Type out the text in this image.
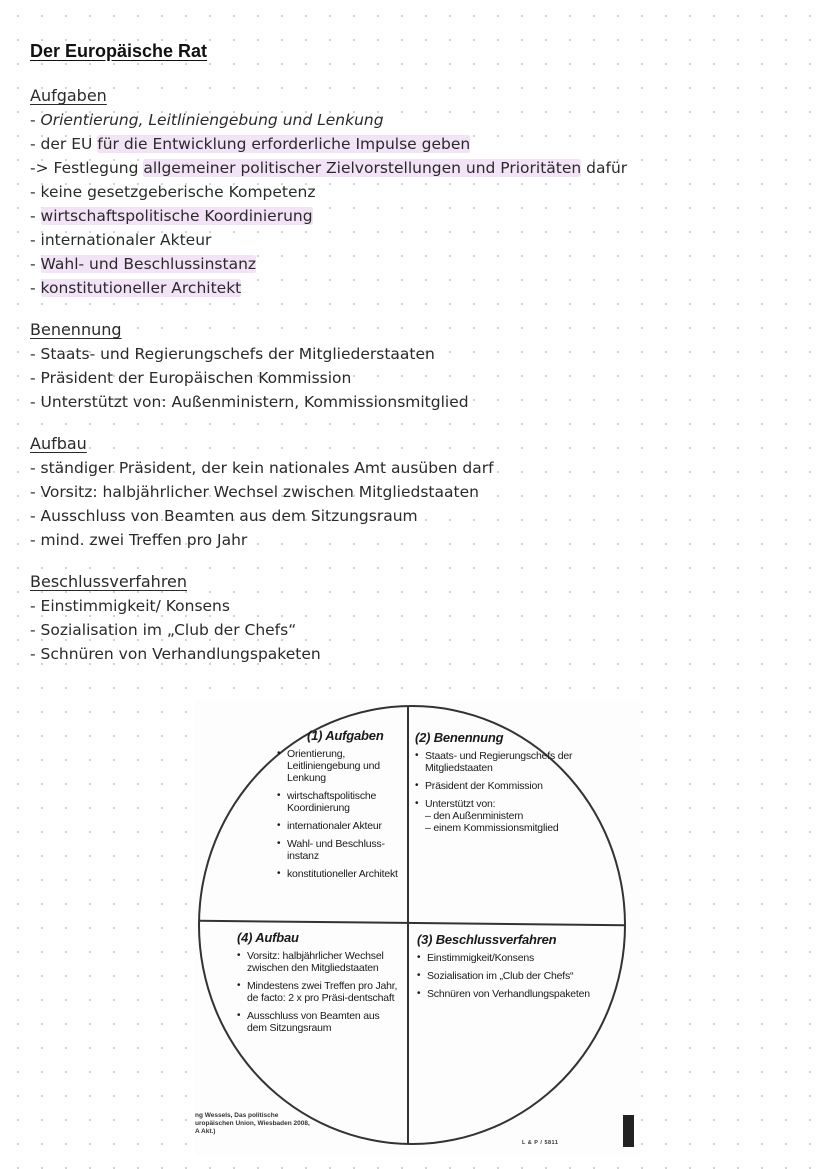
Der Europäische Rat
Aufgaben
- Orientierung, Leitliniengebung und Lenkung
- der EU für die Entwicklung erforderliche Impulse geben
-> Festlegung allgemeiner politischer Zielvorstellungen und Prioritäten dafür
- keine gesetzgeberische Kompetenz
- wirtschaftspolitische Koordinierung
- internationaler Akteur
- Wahl- und Beschlussinstanz
- konstitutioneller Architekt
Benennung
- Staats- und Regierungschefs der Mitgliederstaaten
- Präsident der Europäischen Kommission
- Unterstützt von: Außenministern, Kommissionsmitglied
Aufbau
- ständiger Präsident, der kein nationales Amt ausüben darf
- Vorsitz: halbjährlicher Wechsel zwischen Mitgliedstaaten
- Ausschluss von Beamten aus dem Sitzungsraum
- mind. zwei Treffen pro Jahr
Beschlussverfahren
- Einstimmigkeit/ Konsens
- Sozialisation im „Club der Chefs“
- Schnüren von Verhandlungspaketen
(1) Aufgaben
• Orientierung, Leitliniengebung und Lenkung
• wirtschaftspolitische Koordinierung
• internationaler Akteur
• Wahl- und Beschluss-instanz
• konstitutioneller Architekt
(2) Benennung
• Staats- und Regierungschefs der Mitgliedstaaten
• Präsident der Kommission
• Unterstützt von:
– den Außenministern
– einem Kommissionsmitglied
(4) Aufbau
• Vorsitz: halbjährlicher Wechsel zwischen den Mitgliedstaaten
• Mindestens zwei Treffen pro Jahr, de facto: 2 x pro Präsi-dentschaft
• Ausschluss von Beamten aus dem Sitzungsraum
(3) Beschlussverfahren
• Einstimmigkeit/Konsens
• Sozialisation im „Club der Chefs“
• Schnüren von Verhandlungspaketen
ng Wessels, Das politische
uropäischen Union, Wiesbaden 2008,
A Akt.)
L & P / 5811
